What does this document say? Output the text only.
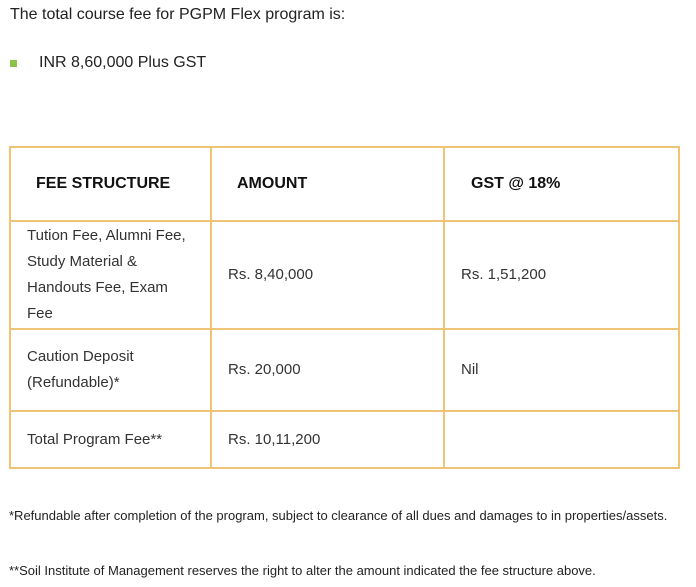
The total course fee for PGPM Flex program is:
INR 8,60,000 Plus GST
FEE STRUCTURE	AMOUNT	GST @ 18%

Tution Fee, Alumni Fee,
Study Material &
Handouts Fee, Exam Fee	Rs. 8,40,000	Rs. 1,51,200

Caution Deposit
(Refundable)*	Rs. 20,000	Nil

Total Program Fee**	Rs. 10,11,200	
*Refundable after completion of the program, subject to clearance of all dues and damages to in properties/assets.
**Soil Institute of Management reserves the right to alter the amount indicated the fee structure above.
